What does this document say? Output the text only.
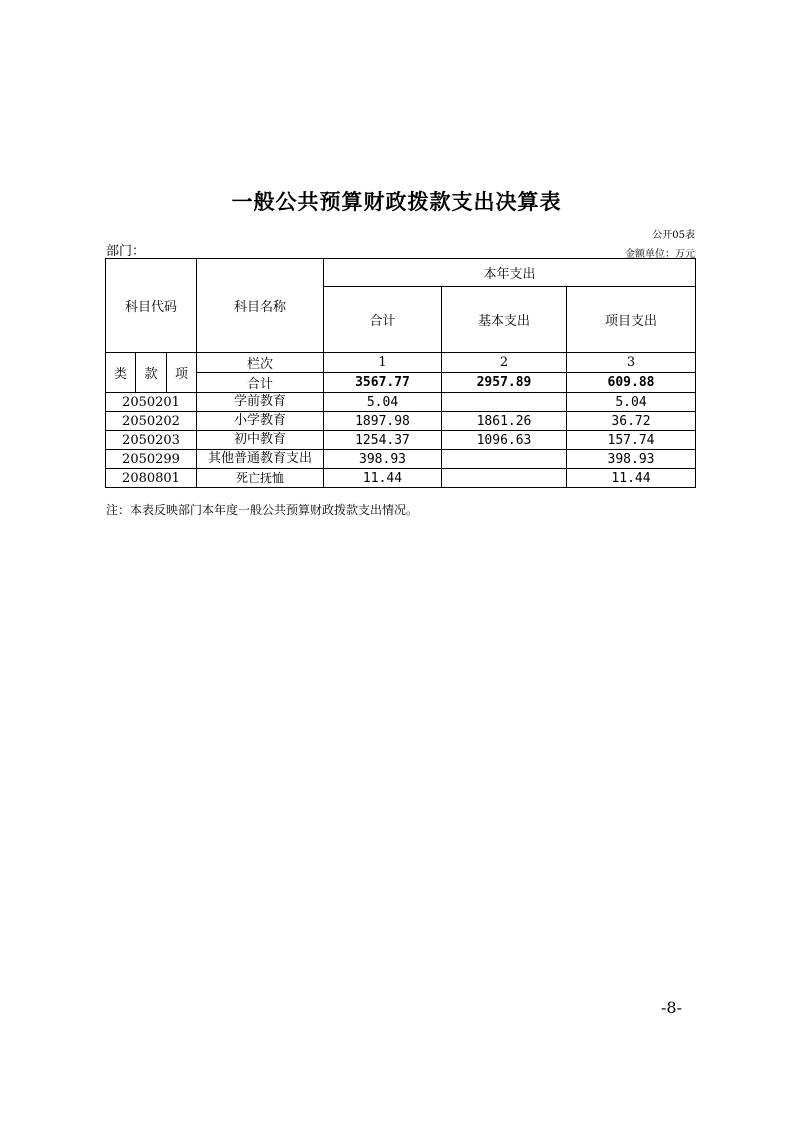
一般公共预算财政拨款支出决算表
公开05表
部门：	金额单位：万元
科目代码			科目名称	本年支出		
				合计	基本支出	项目支出

类	款	项	栏次	1	2	3
			合计	3567.77	2957.89	609.88
2050201			学前教育	5.04		5.04
2050202			小学教育	1897.98	1861.26	36.72
2050203			初中教育	1254.37	1096.63	157.74
2050299			其他普通教育支出	398.93		398.93
2080801			死亡抚恤	11.44		11.44
注：本表反映部门本年度一般公共预算财政拨款支出情况。
-8-
